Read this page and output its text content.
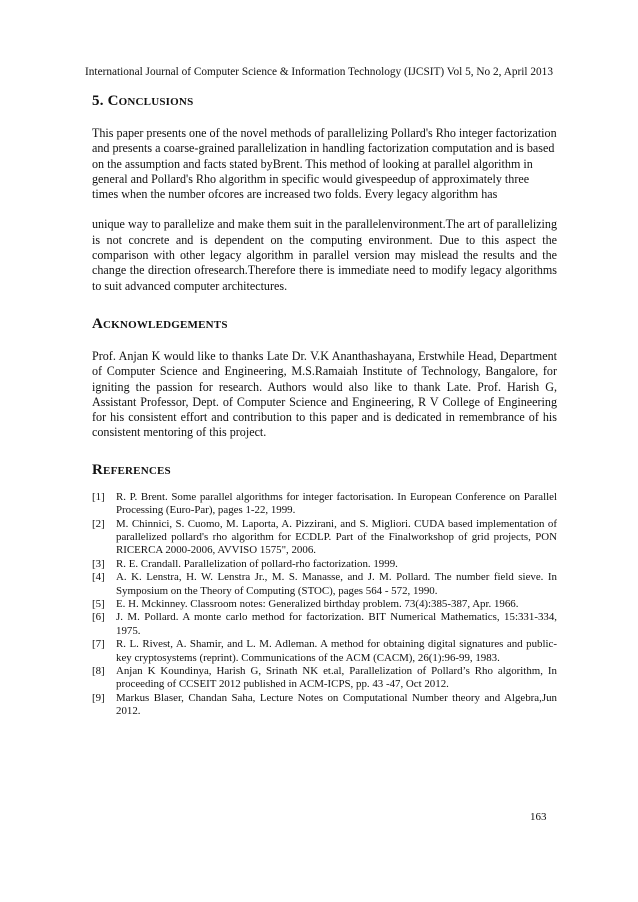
International Journal of Computer Science & Information Technology (IJCSIT) Vol 5, No 2, April 2013
5. Conclusions

This paper presents one of the novel methods of parallelizing Pollard's Rho integer factorization and presents a coarse-grained parallelization in handling factorization computation and is based on the assumption and facts stated byBrent. This method of looking at parallel algorithm in general and Pollard's Rho algorithm in specific would givespeedup of approximately three times when the number ofcores are increased two folds. Every legacy algorithm has

unique way to parallelize and make them suit in the parallelenvironment.The art of parallelizing is not concrete and is dependent on the computing environment. Due to this aspect the comparison with other legacy algorithm in parallel version may mislead the results and the change the direction ofresearch.Therefore there is immediate need to modify legacy algorithms to suit advanced computer architectures.

Acknowledgements

Prof. Anjan K would like to thanks Late Dr. V.K Ananthashayana, Erstwhile Head, Department of Computer Science and Engineering, M.S.Ramaiah Institute of Technology, Bangalore, for igniting the passion for research. Authors would also like to thank Late. Prof. Harish G, Assistant Professor, Dept. of Computer Science and Engineering, R V College of Engineering for his consistent effort and contribution to this paper and is dedicated in remembrance of his consistent mentoring of this project.

References
[1]	R. P. Brent. Some parallel algorithms for integer factorisation. In European Conference on Parallel Processing (Euro-Par), pages 1-22, 1999.
[2]	M. Chinnici, S. Cuomo, M. Laporta, A. Pizzirani, and S. Migliori. CUDA based implementation of parallelized pollard's rho algorithm for ECDLP. Part of the Finalworkshop of grid projects, PON RICERCA 2000-2006, AVVISO 1575", 2006.
[3]	R. E. Crandall. Parallelization of pollard-rho factorization. 1999.
[4]	A. K. Lenstra, H. W. Lenstra Jr., M. S. Manasse, and J. M. Pollard. The number field sieve. In Symposium on the Theory of Computing (STOC), pages 564 - 572, 1990.
[5]	E. H. Mckinney. Classroom notes: Generalized birthday problem. 73(4):385-387, Apr. 1966.
[6]	J. M. Pollard. A monte carlo method for factorization. BIT Numerical Mathematics, 15:331-334, 1975.
[7]	R. L. Rivest, A. Shamir, and L. M. Adleman. A method for obtaining digital signatures and public-key cryptosystems (reprint). Communications of the ACM (CACM), 26(1):96-99, 1983.
[8]	Anjan K Koundinya, Harish G, Srinath NK et.al, Parallelization of Pollard’s Rho algorithm, In proceeding of CCSEIT 2012 published in ACM-ICPS, pp. 43 -47, Oct 2012.
[9]	Markus Blaser, Chandan Saha, Lecture Notes on Computational Number theory and Algebra,Jun 2012.
163
